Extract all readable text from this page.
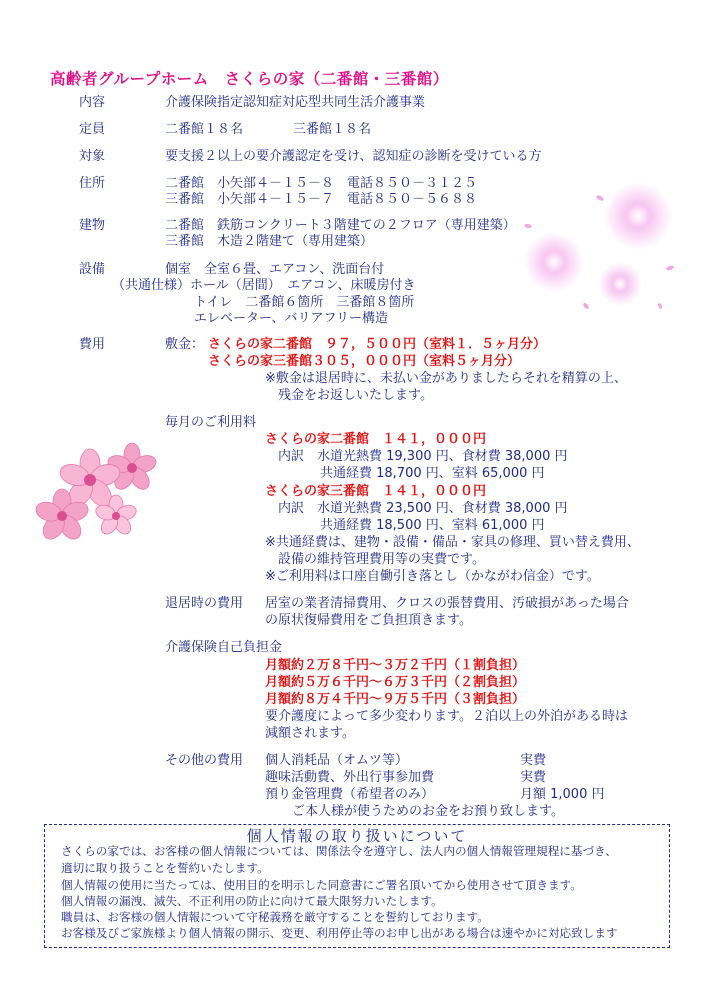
高齢者グループホーム　さくらの家（二番館・三番館）
内容	介護保険指定認知症対応型共同生活介護事業
定員	二番館１８名	三番館１８名
対象	要支援２以上の要介護認定を受け、認知症の診断を受けている方
住所	二番館　小矢部４－１５－８　電話８５０－３１２５
三番館　小矢部４－１５－７　電話８５０－５６８８
建物	二番館　鉄筋コンクリート３階建ての２フロア（専用建築）
三番館　木造２階建て（専用建築）
設備	個室　全室６畳、エアコン、洗面台付
（共通仕様）ホール（居間）　エアコン、床暖房付き
トイレ　二番館６箇所　三番館８箇所
エレベーター、バリアフリー構造
費用	敷金： さくらの家二番館　９７，５００円（室料１．５ヶ月分）
さくらの家三番館３０５，０００円（室料５ヶ月分）
※敷金は退居時に、未払い金がありましたらそれを精算の上、
残金をお返しいたします。
毎月のご利用料
さくらの家二番館　１４１，０００円
内訳　水道光熱費 19,300 円、食材費 38,000 円
共通経費 18,700 円、室料 65,000 円
さくらの家三番館　１４１，０００円
内訳　水道光熱費 23,500 円、食材費 38,000 円
共通経費 18,500 円、室料 61,000 円
※共通経費は、建物・設備・備品・家具の修理、買い替え費用、
設備の維持管理費用等の実費です。
※ご利用料は口座自働引き落とし（かながわ信金）です。
退居時の費用 居室の業者清掃費用、クロスの張替費用、汚破損があった場合
の原状復帰費用をご負担頂きます。
介護保険自己負担金
月額約２万８千円～３万２千円（１割負担）
月額約５万６千円～６万３千円（２割負担）
月額約８万４千円～９万５千円（３割負担）
要介護度によって多少変わります。２泊以上の外泊がある時は
減額されます。
その他の費用 個人消耗品（オムツ等）	実費
趣味活動費、外出行事参加費	実費
預り金管理費（希望者のみ）	月額 1,000 円
ご本人様が使うためのお金をお預り致します。
個人情報の取り扱いについて
さくらの家では、お客様の個人情報については、関係法令を遵守し、法人内の個人情報管理規程に基づき、
適切に取り扱うことを誓約いたします。
個人情報の使用に当たっては、使用目的を明示した同意書にご署名頂いてから使用させて頂きます。
個人情報の漏洩、滅失、不正利用の防止に向けて最大限努力いたします。
職員は、お客様の個人情報について守秘義務を厳守することを誓約しております。
お客様及びご家族様より個人情報の開示、変更、利用停止等のお申し出がある場合は速やかに対応致します
